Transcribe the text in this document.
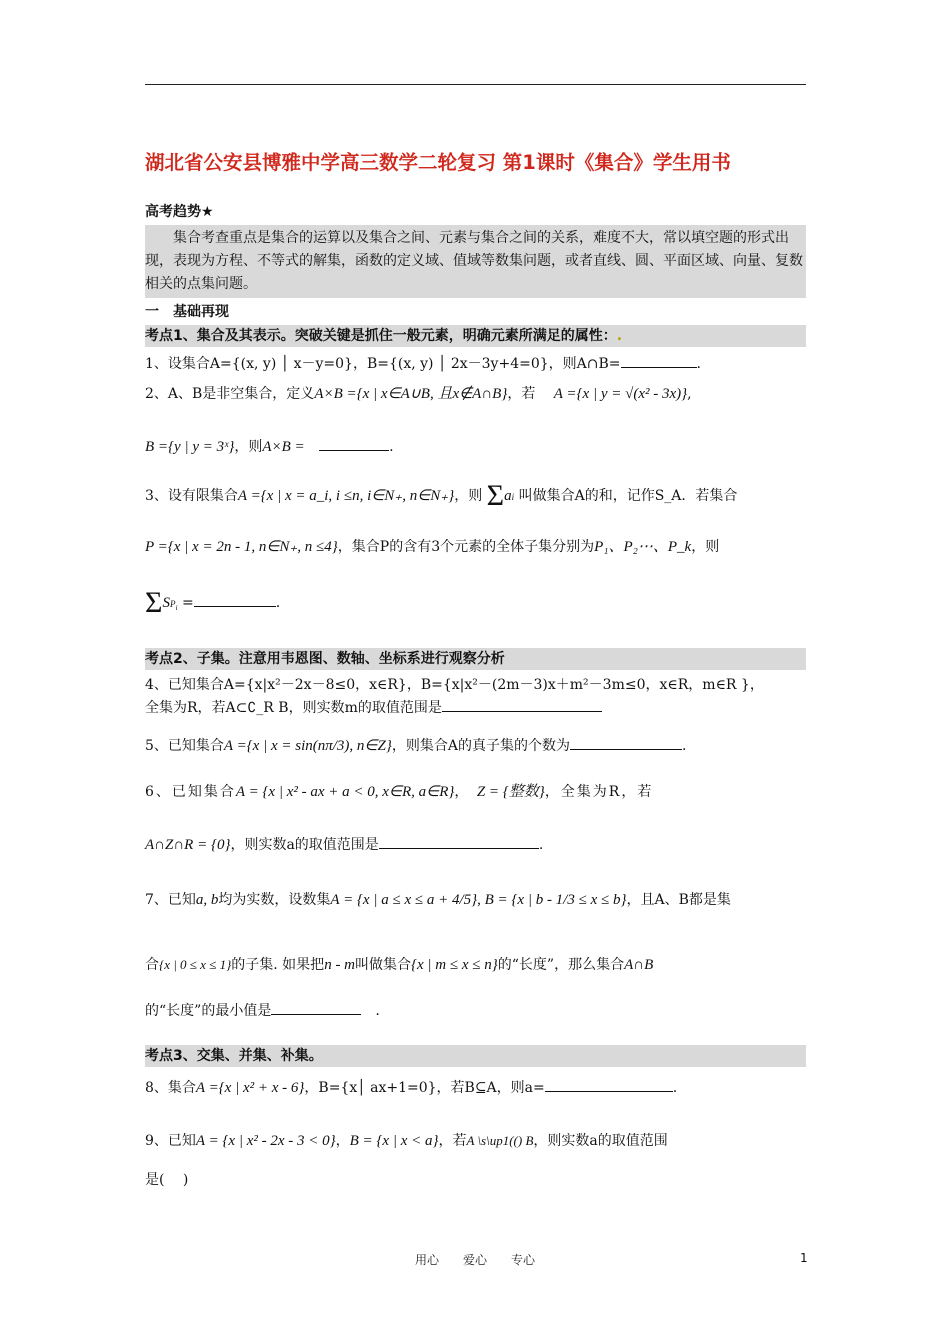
湖北省公安县博雅中学高三数学二轮复习 第1课时《集合》学生用书
高考趋势★
集合考查重点是集合的运算以及集合之间、元素与集合之间的关系，难度不大，常以填空题的形式出现，表现为方程、不等式的解集，函数的定义域、值域等数集问题，或者直线、圆、平面区域、向量、复数相关的点集问题。
一　基础再现
考点1、集合及其表示。突破关键是抓住一般元素，明确元素所满足的属性：.
1、设集合A={(x, y) │ x－y=0}，B={(x, y) │ 2x－3y+4=0}，则A∩B=	.
2、A、B是非空集合，定义A×B ={x | x∈A∪B, 且x∉A∩B}，若 A ={x | y = √(x² - 3x)},
B ={y | y = 3ˣ}，则A×B =	.
3、设有限集合A ={x | x = a_i, i ≤n, i∈N₊, n∈N₊}，则 Σai 叫做集合A的和，记作S_A．若集合
P ={x | x = 2n - 1, n∈N₊, n ≤4}，集合P的含有3个元素的全体子集分别为P₁、P₂⋯、P_k，则
$\Sigma SP_i$ =	.
考点2、子集。注意用韦恩图、数轴、坐标系进行观察分析
4、已知集合A={x|x²－2x－8≤0，x∈R}，B={x|x²－(2m－3)x＋m²－3m≤0，x∈R，m∈R }，
全集为R，若A⊂∁_R B，则实数m的取值范围是
5、已知集合A ={x | x = sin(nπ/3), n∈Z}，则集合A的真子集的个数为	.
6、已知集合A = {x | x² - ax + a < 0, x∈R, a∈R}， Z = {整数}，全集为R，若
A∩Z∩R = {0}，则实数a的取值范围是	.
7、已知a, b均为实数，设数集A = {x | a ≤ x ≤ a + 4/5}, B = {x | b - 1/3 ≤ x ≤ b}，且A、B都是集
合{x | 0 ≤ x ≤ 1}的子集. 如果把n - m叫做集合{x | m ≤ x ≤ n}的“长度”，那么集合A∩B
的“长度”的最小值是	　.
考点3、交集、并集、补集。
8、集合A ={x | x² + x - 6}，B={x│ ax+1=0}，若B⊆A，则a=	.
9、已知A = {x | x² - 2x - 3 < 0}，B = {x | x < a}，若A \s\up1(() B，则实数a的取值范围
是(　 )
用心　　爱心　　专心	1
